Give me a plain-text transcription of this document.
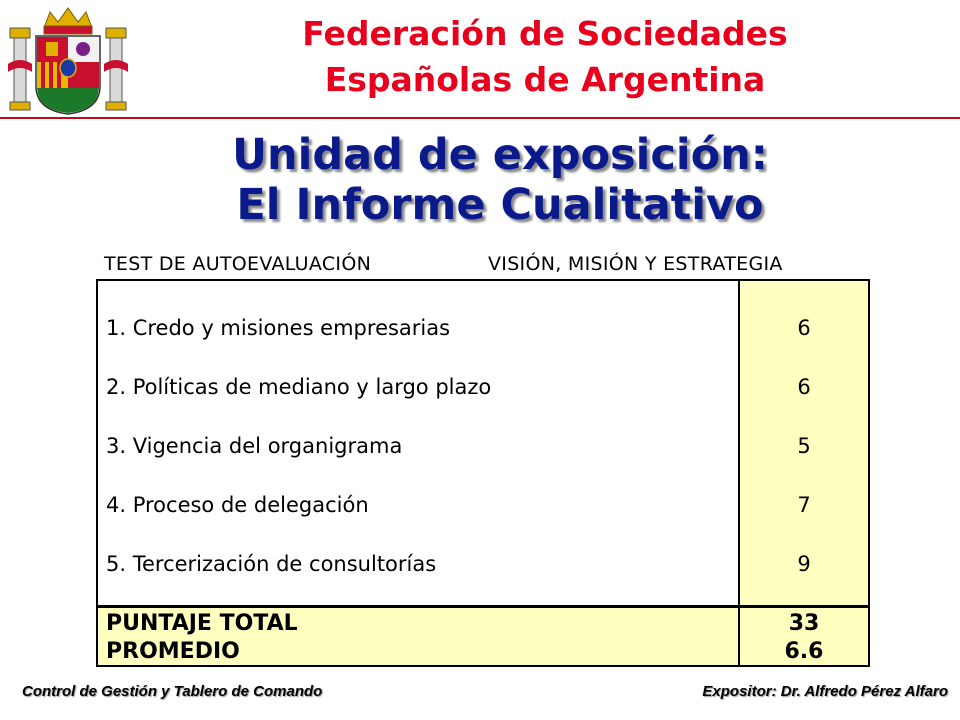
Federación de Sociedades
Españolas de Argentina
Unidad de exposición:
El Informe Cualitativo
TEST DE AUTOEVALUACIÓN	VISIÓN, MISIÓN Y ESTRATEGIA
1. Credo y misiones empresarias	6
2. Políticas de mediano y largo plazo	6
3. Vigencia del organigrama	5
4. Proceso de delegación	7
5. Tercerización de consultorías	9
PUNTAJE TOTAL	33
PROMEDIO	6.6
Control de Gestión y Tablero de Comando	Expositor: Dr. Alfredo Pérez Alfaro
